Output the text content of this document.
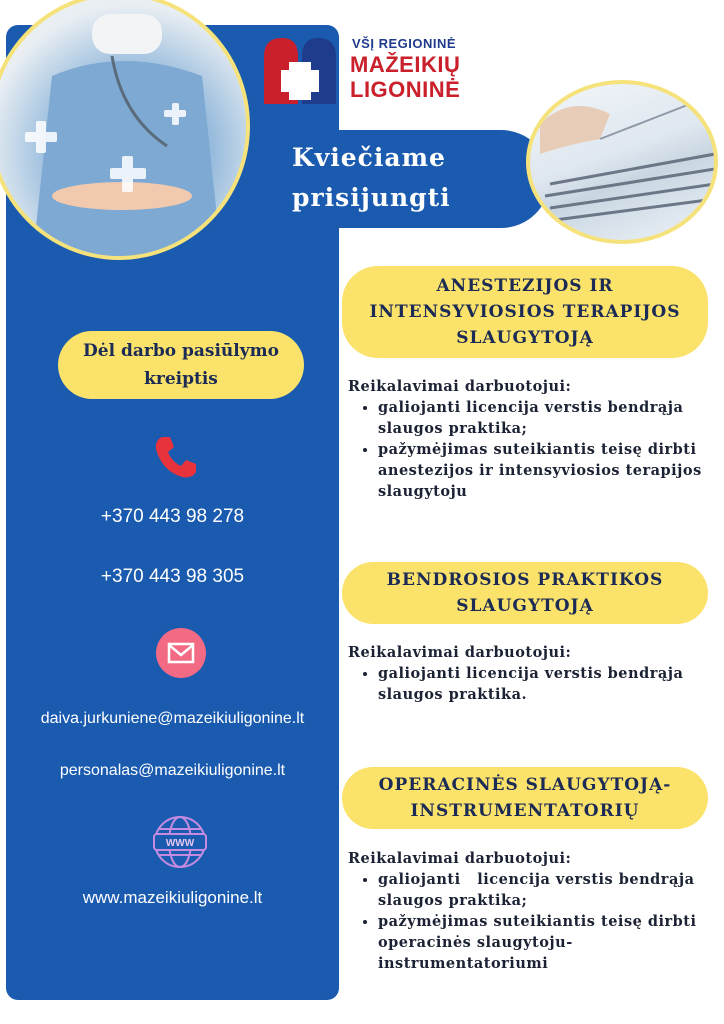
VŠĮ REGIONINĖ
MAŽEIKIŲ
LIGONINĖ
Kviečiame
prisijungti
Dėl darbo pasiūlymo
kreiptis
+370 443 98 278
+370 443 98 305
daiva.jurkuniene@mazeikiuligonine.lt
personalas@mazeikiuligonine.lt
WWW
www.mazeikiuligonine.lt
ANESTEZIJOS IR
INTENSYVIOSIOS TERAPIJOS
SLAUGYTOJĄ
Reikalavimai darbuotojui:
• galiojanti licencija verstis bendrąja
slaugos praktika;
• pažymėjimas suteikiantis teisę dirbti
anestezijos ir intensyviosios terapijos
slaugytoju
BENDROSIOS PRAKTIKOS
SLAUGYTOJĄ
Reikalavimai darbuotojui:
• galiojanti licencija verstis bendrąja
slaugos praktika.
OPERACINĖS SLAUGYTOJĄ-
INSTRUMENTATORIŲ
Reikalavimai darbuotojui:
• galiojanti   licencija verstis bendrąja
slaugos praktika;
• pažymėjimas suteikiantis teisę dirbti
operacinės slaugytoju-instrumentatoriumi
